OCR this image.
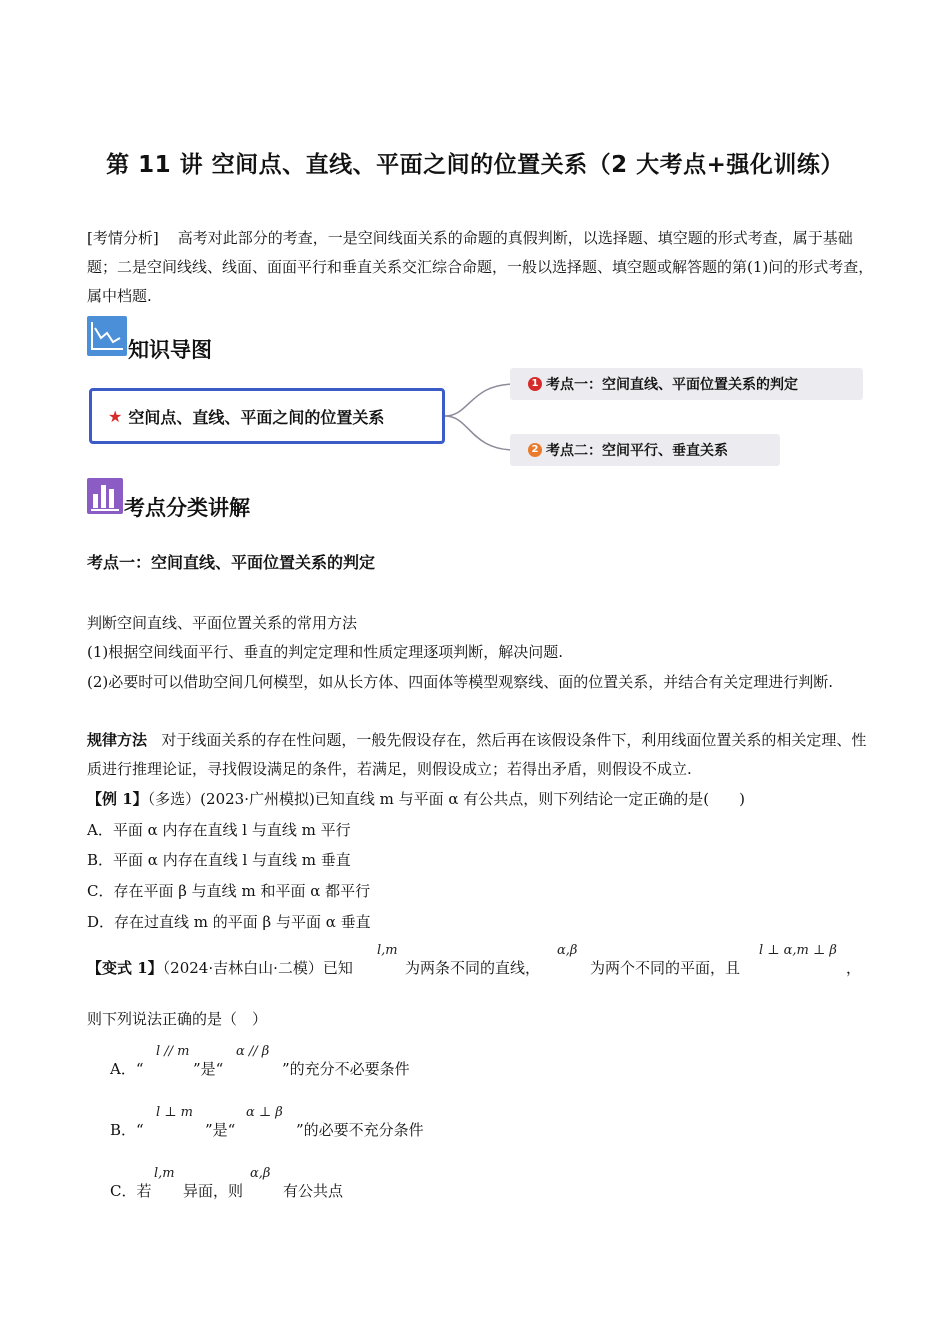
第 11 讲 空间点、直线、平面之间的位置关系（2 大考点+强化训练）
[考情分析] 高考对此部分的考查，一是空间线面关系的命题的真假判断，以选择题、填空题的形式考查，属于基础题；二是空间线线、线面、面面平行和垂直关系交汇综合命题，一般以选择题、填空题或解答题的第(1)问的形式考查，属中档题.
知识导图
★ 空间点、直线、平面之间的位置关系
1 考点一：空间直线、平面位置关系的判定
2 考点二：空间平行、垂直关系
考点分类讲解
考点一：空间直线、平面位置关系的判定
判断空间直线、平面位置关系的常用方法
(1)根据空间线面平行、垂直的判定定理和性质定理逐项判断，解决问题.
(2)必要时可以借助空间几何模型，如从长方体、四面体等模型观察线、面的位置关系，并结合有关定理进行判断.
规律方法 对于线面关系的存在性问题，一般先假设存在，然后再在该假设条件下，利用线面位置关系的相关定理、性质进行推理论证，寻找假设满足的条件，若满足，则假设成立；若得出矛盾，则假设不成立.
【例 1】（多选）(2023·广州模拟)已知直线 m 与平面 α 有公共点，则下列结论一定正确的是(　　)
A．平面 α 内存在直线 l 与直线 m 平行
B．平面 α 内存在直线 l 与直线 m 垂直
C．存在平面 β 与直线 m 和平面 α 都平行
D．存在过直线 m 的平面 β 与平面 α 垂直
【变式 1】（2024·吉林白山·二模）已知
l,m
为两条不同的直线，
α,β
为两个不同的平面，且
l ⊥ α,m ⊥ β
，
则下列说法正确的是（　）
A．“
l // m
”是“
α // β
”的充分不必要条件
B．“
l ⊥ m
”是“
α ⊥ β
”的必要不充分条件
C．若
l,m
异面，则
α,β
有公共点
